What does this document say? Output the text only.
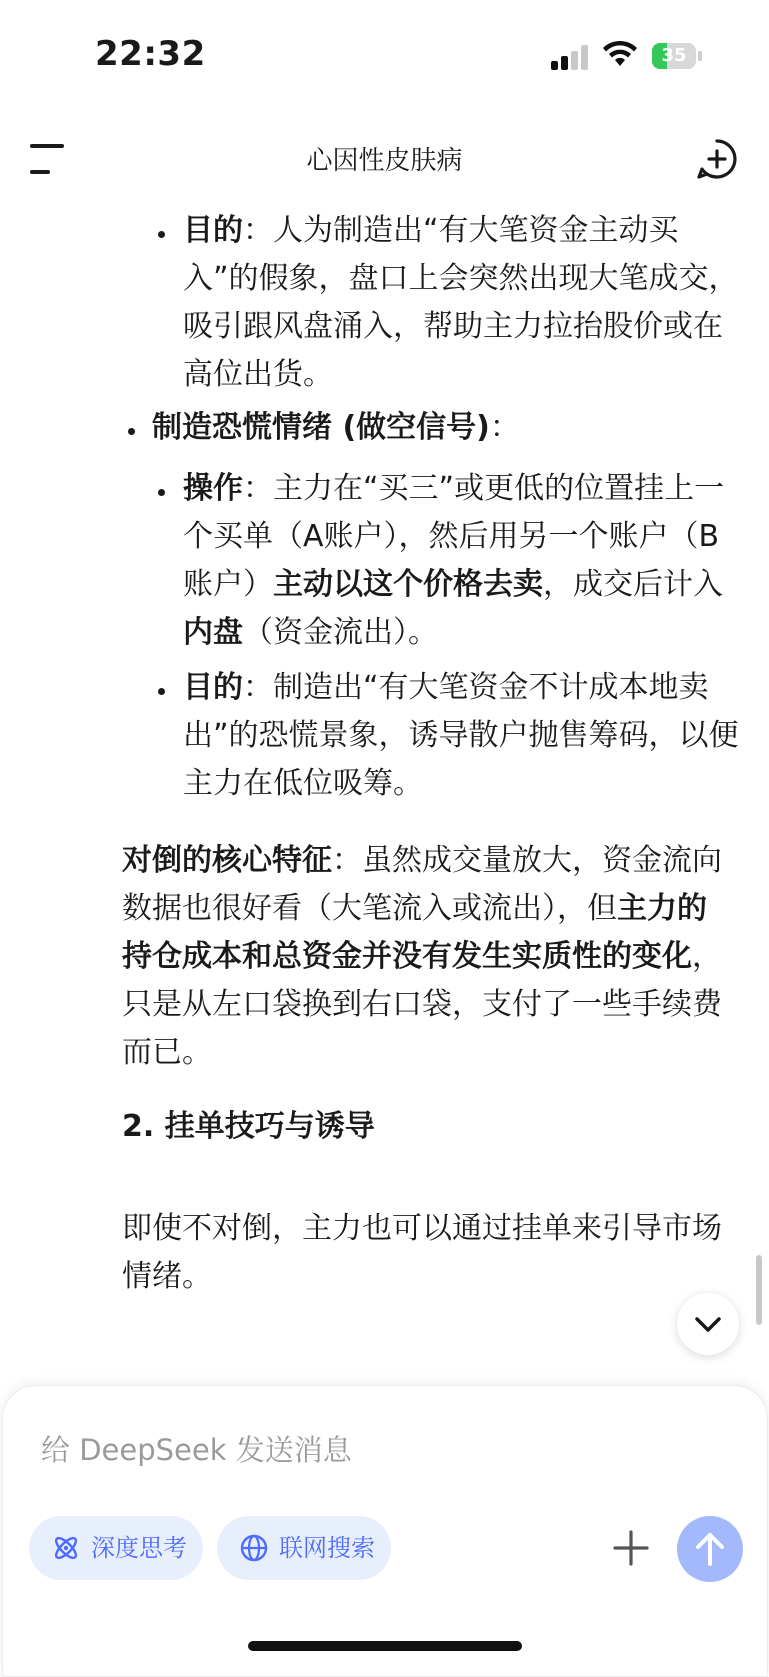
22:32	35
心因性皮肤病
目的：人为制造出“有大笔资金主动买入”的假象，盘口上会突然出现大笔成交，吸引跟风盘涌入，帮助主力拉抬股价或在高位出货。
制造恐慌情绪 (做空信号)：
操作：主力在“买三”或更低的位置挂上一个买单（A账户），然后用另一个账户（B账户）主动以这个价格去卖，成交后计入内盘（资金流出）。
目的：制造出“有大笔资金不计成本地卖出”的恐慌景象，诱导散户抛售筹码，以便主力在低位吸筹。
对倒的核心特征：虽然成交量放大，资金流向数据也很好看（大笔流入或流出），但主力的持仓成本和总资金并没有发生实质性的变化，只是从左口袋换到右口袋，支付了一些手续费而已。
2. 挂单技巧与诱导
即使不对倒，主力也可以通过挂单来引导市场情绪。
给 DeepSeek 发送消息
深度思考	联网搜索
